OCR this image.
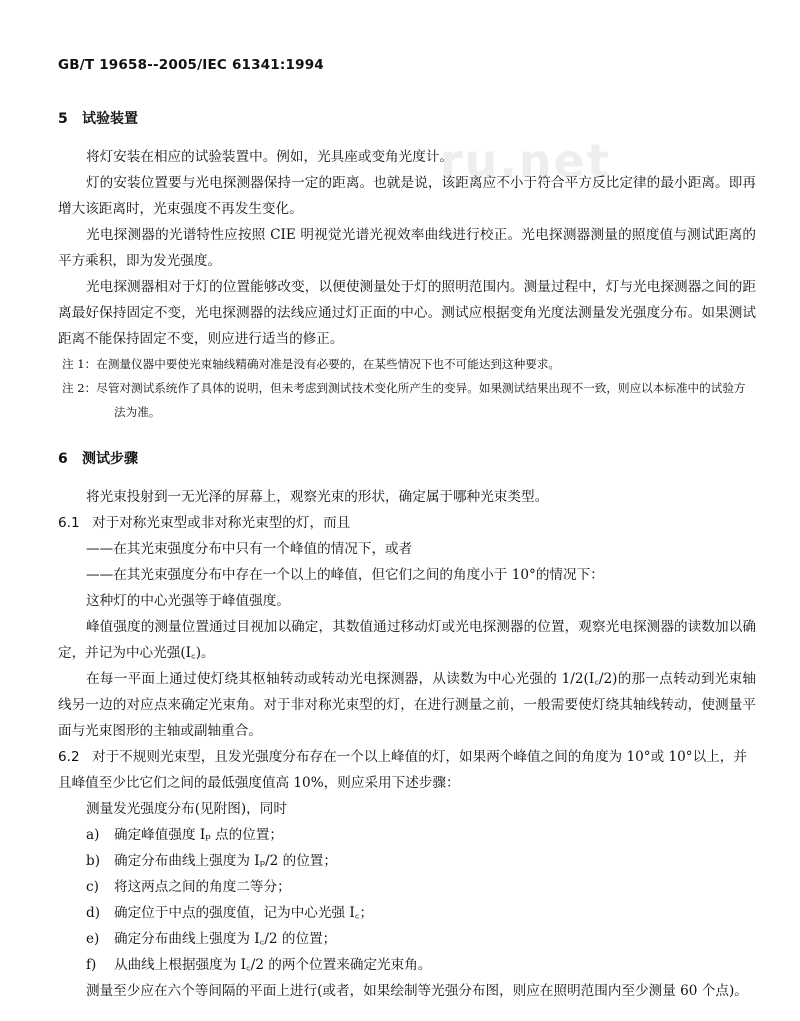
ru.net
GB/T 19658--2005/IEC 61341:1994
5 试验装置

将灯安装在相应的试验装置中。例如，光具座或变角光度计。

灯的安装位置要与光电探测器保持一定的距离。也就是说，该距离应不小于符合平方反比定律的最小距离。即再增大该距离时，光束强度不再发生变化。

光电探测器的光谱特性应按照 CIE 明视觉光谱光视效率曲线进行校正。光电探测器测量的照度值与测试距离的平方乘积，即为发光强度。

光电探测器相对于灯的位置能够改变，以便使测量处于灯的照明范围内。测量过程中，灯与光电探测器之间的距离最好保持固定不变，光电探测器的法线应通过灯正面的中心。测试应根据变角光度法测量发光强度分布。如果测试距离不能保持固定不变，则应进行适当的修正。

注 1：在测量仪器中要使光束轴线精确对准是没有必要的，在某些情况下也不可能达到这种要求。
注 2：尽管对测试系统作了具体的说明，但未考虑到测试技术变化所产生的变异。如果测试结果出现不一致，则应以本标准中的试验方法为准。
6 测试步骤

将光束投射到一无光泽的屏幕上，观察光束的形状，确定属于哪种光束类型。

6.1 对于对称光束型或非对称光束型的灯，而且

——在其光束强度分布中只有一个峰值的情况下，或者

——在其光束强度分布中存在一个以上的峰值，但它们之间的角度小于 10°的情况下：

这种灯的中心光强等于峰值强度。

峰值强度的测量位置通过目视加以确定，其数值通过移动灯或光电探测器的位置，观察光电探测器的读数加以确定，并记为中心光强(I꜀)。

在每一平面上通过使灯绕其枢轴转动或转动光电探测器，从读数为中心光强的 1/2(I꜀/2)的那一点转动到光束轴线另一边的对应点来确定光束角。对于非对称光束型的灯，在进行测量之前，一般需要使灯绕其轴线转动，使测量平面与光束图形的主轴或副轴重合。

6.2 对于不规则光束型，且发光强度分布存在一个以上峰值的灯，如果两个峰值之间的角度为 10°或 10°以上，并且峰值至少比它们之间的最低强度值高 10%，则应采用下述步骤：

测量发光强度分布(见附图)，同时

a) 确定峰值强度 Iₚ 点的位置；

b) 确定分布曲线上强度为 Iₚ/2 的位置；

c) 将这两点之间的角度二等分；

d) 确定位于中点的强度值，记为中心光强 I꜀；

e) 确定分布曲线上强度为 I꜀/2 的位置；

f) 从曲线上根据强度为 I꜀/2 的两个位置来确定光束角。

测量至少应在六个等间隔的平面上进行(或者，如果绘制等光强分布图，则应在照明范围内至少测量 60 个点)。
